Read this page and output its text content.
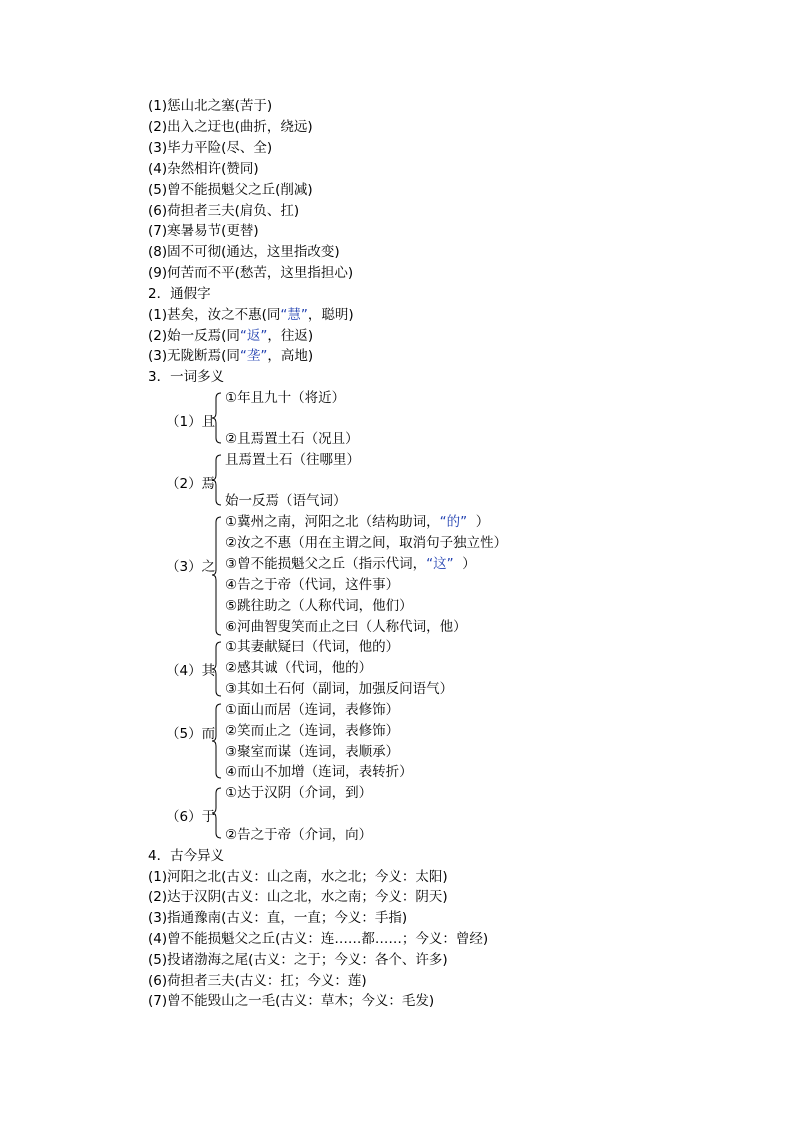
(1)惩山北之塞(苦于)
(2)出入之迂也(曲折，绕远)
(3)毕力平险(尽、全)
(4)杂然相许(赞同)
(5)曾不能损魁父之丘(削减)
(6)荷担者三夫(肩负、扛)
(7)寒暑易节(更替)
(8)固不可彻(通达，这里指改变)
(9)何苦而不平(愁苦，这里指担心)
2．通假字
(1)甚矣，汝之不惠(同“慧”，聪明)
(2)始一反焉(同“返”，往返)
(3)无陇断焉(同“垄”，高地)
3．一词多义
（1）且
①年且九十（将近）
②且焉置土石（况且）
（2）焉
且焉置土石（往哪里）
始一反焉（语气词）
（3）之
①冀州之南，河阳之北（结构助词，“的”  ）
②汝之不惠（用在主谓之间，取消句子独立性）
③曾不能损魁父之丘（指示代词，“这”  ）
④告之于帝（代词，这件事）
⑤跳往助之（人称代词，他们）
⑥河曲智叟笑而止之曰（人称代词，他）
（4）其
①其妻献疑曰（代词，他的）
②感其诚（代词，他的）
③其如土石何（副词，加强反问语气）
（5）而
①面山而居（连词，表修饰）
②笑而止之（连词，表修饰）
③聚室而谋（连词，表顺承）
④而山不加增（连词，表转折）
（6）于
①达于汉阴（介词，到）
②告之于帝（介词，向）
4．古今异义
(1)河阳之北(古义：山之南，水之北；今义：太阳)
(2)达于汉阴(古义：山之北，水之南；今义：阴天)
(3)指通豫南(古义：直，一直；今义：手指)
(4)曾不能损魁父之丘(古义：连……都……；今义：曾经)
(5)投诸渤海之尾(古义：之于；今义：各个、许多)
(6)荷担者三夫(古义：扛；今义：莲)
(7)曾不能毁山之一毛(古义：草木；今义：毛发)
